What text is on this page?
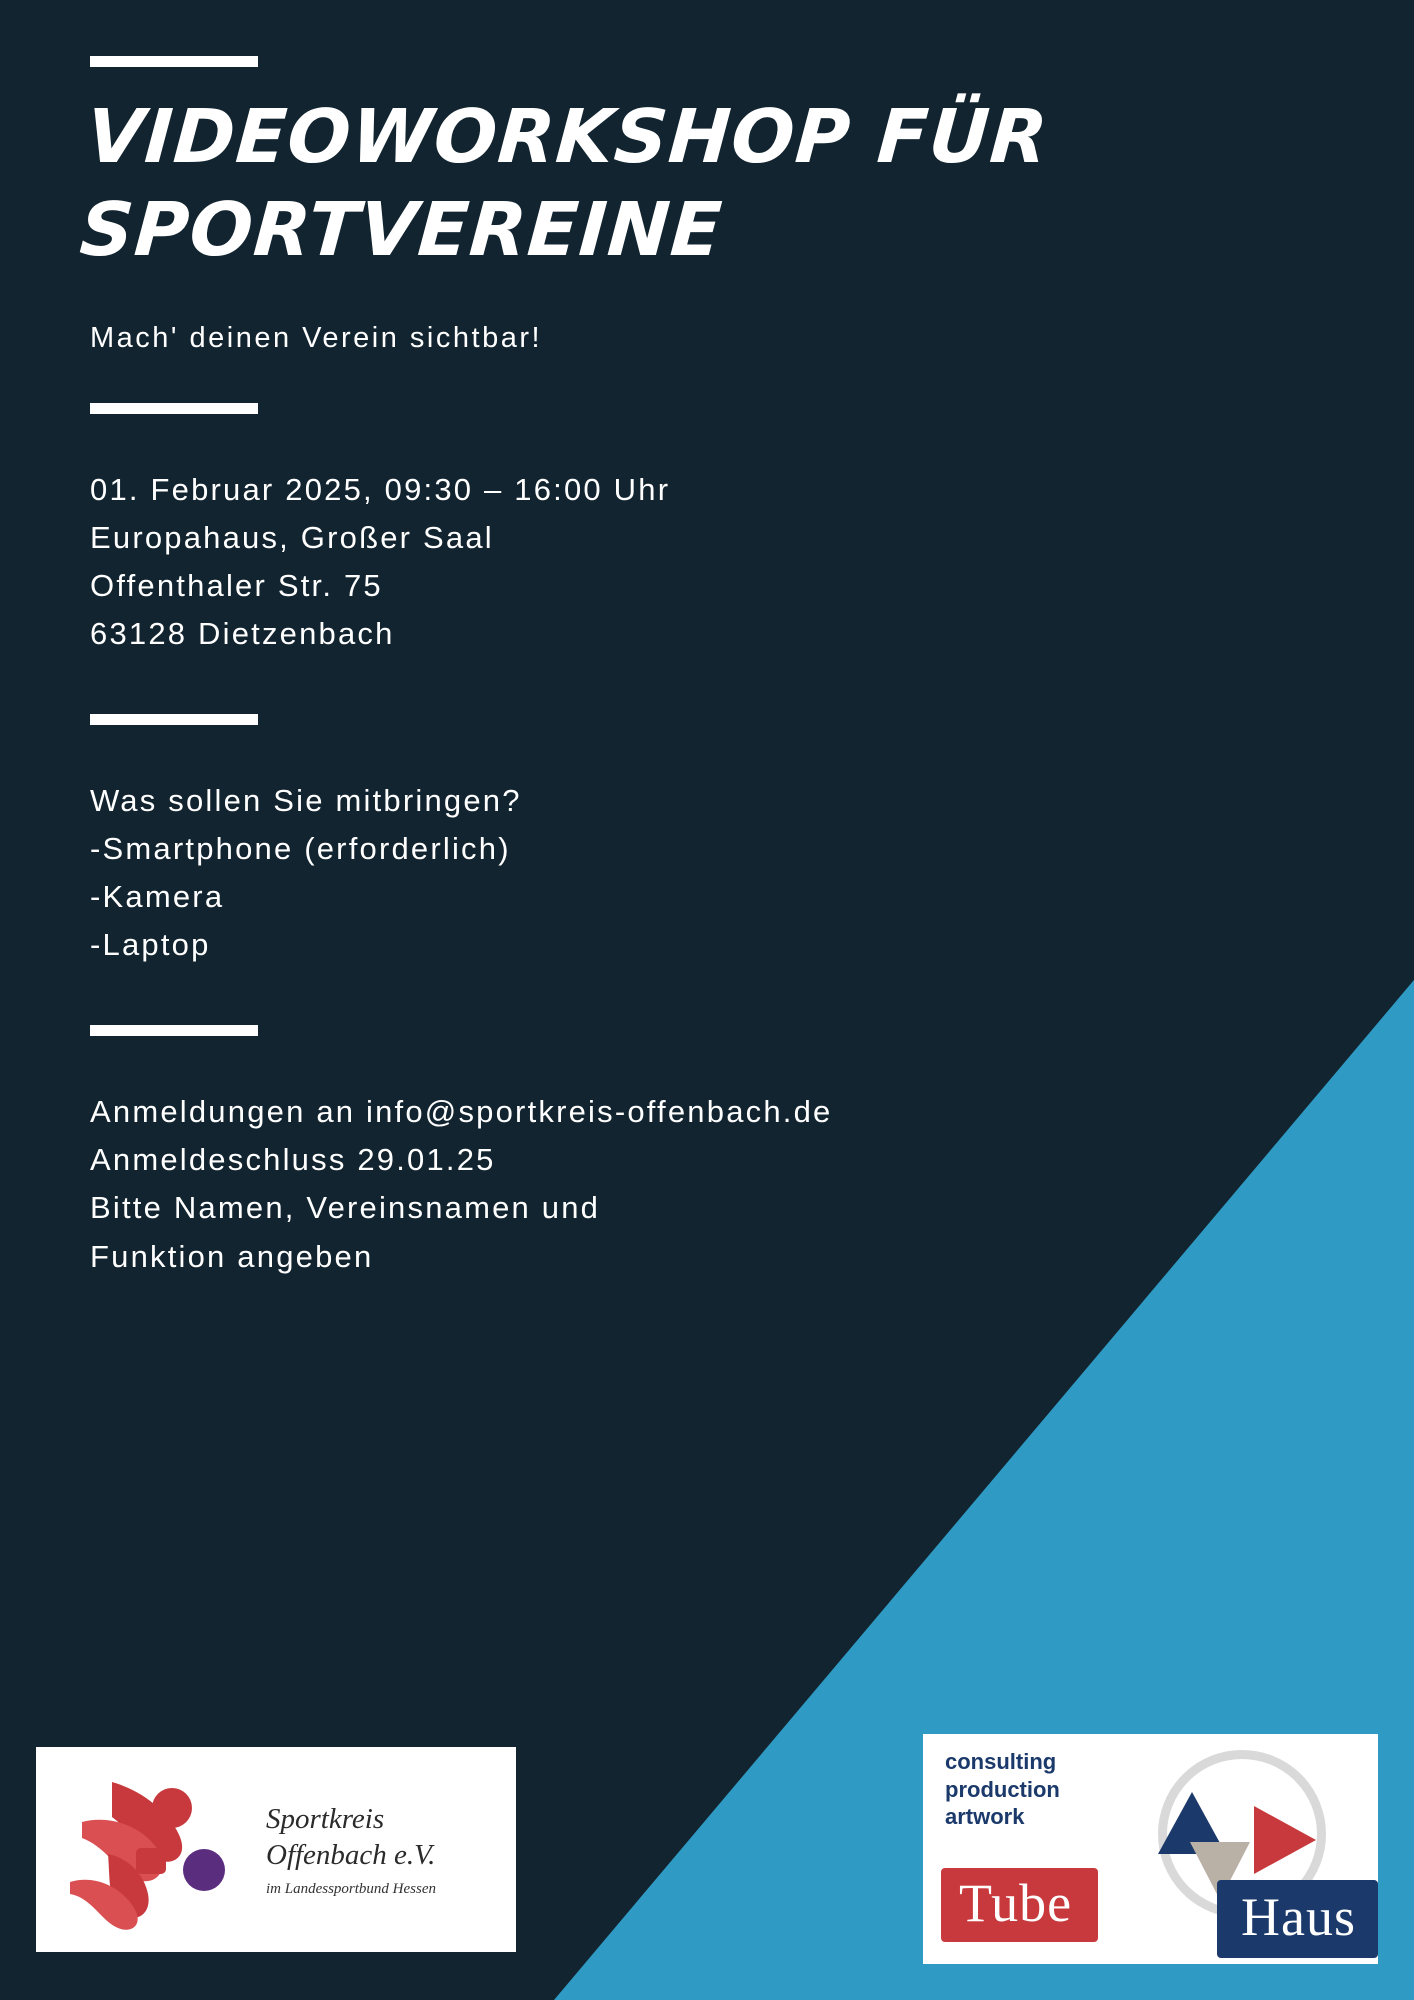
VIDEOWORKSHOP FÜR SPORTVEREINE
Mach' deinen Verein sichtbar!
01. Februar 2025, 09:30 – 16:00 Uhr
Europahaus, Großer Saal
Offenthaler Str. 75
63128 Dietzenbach
Was sollen Sie mitbringen?
-Smartphone (erforderlich)
-Kamera
-Laptop
Anmeldungen an info@sportkreis-offenbach.de
Anmeldeschluss 29.01.25
Bitte Namen, Vereinsnamen und
Funktion angeben
Sportkreis
Offenbach e.V.
im Landessportbund Hessen
consulting
production
artwork
Tube	Haus
